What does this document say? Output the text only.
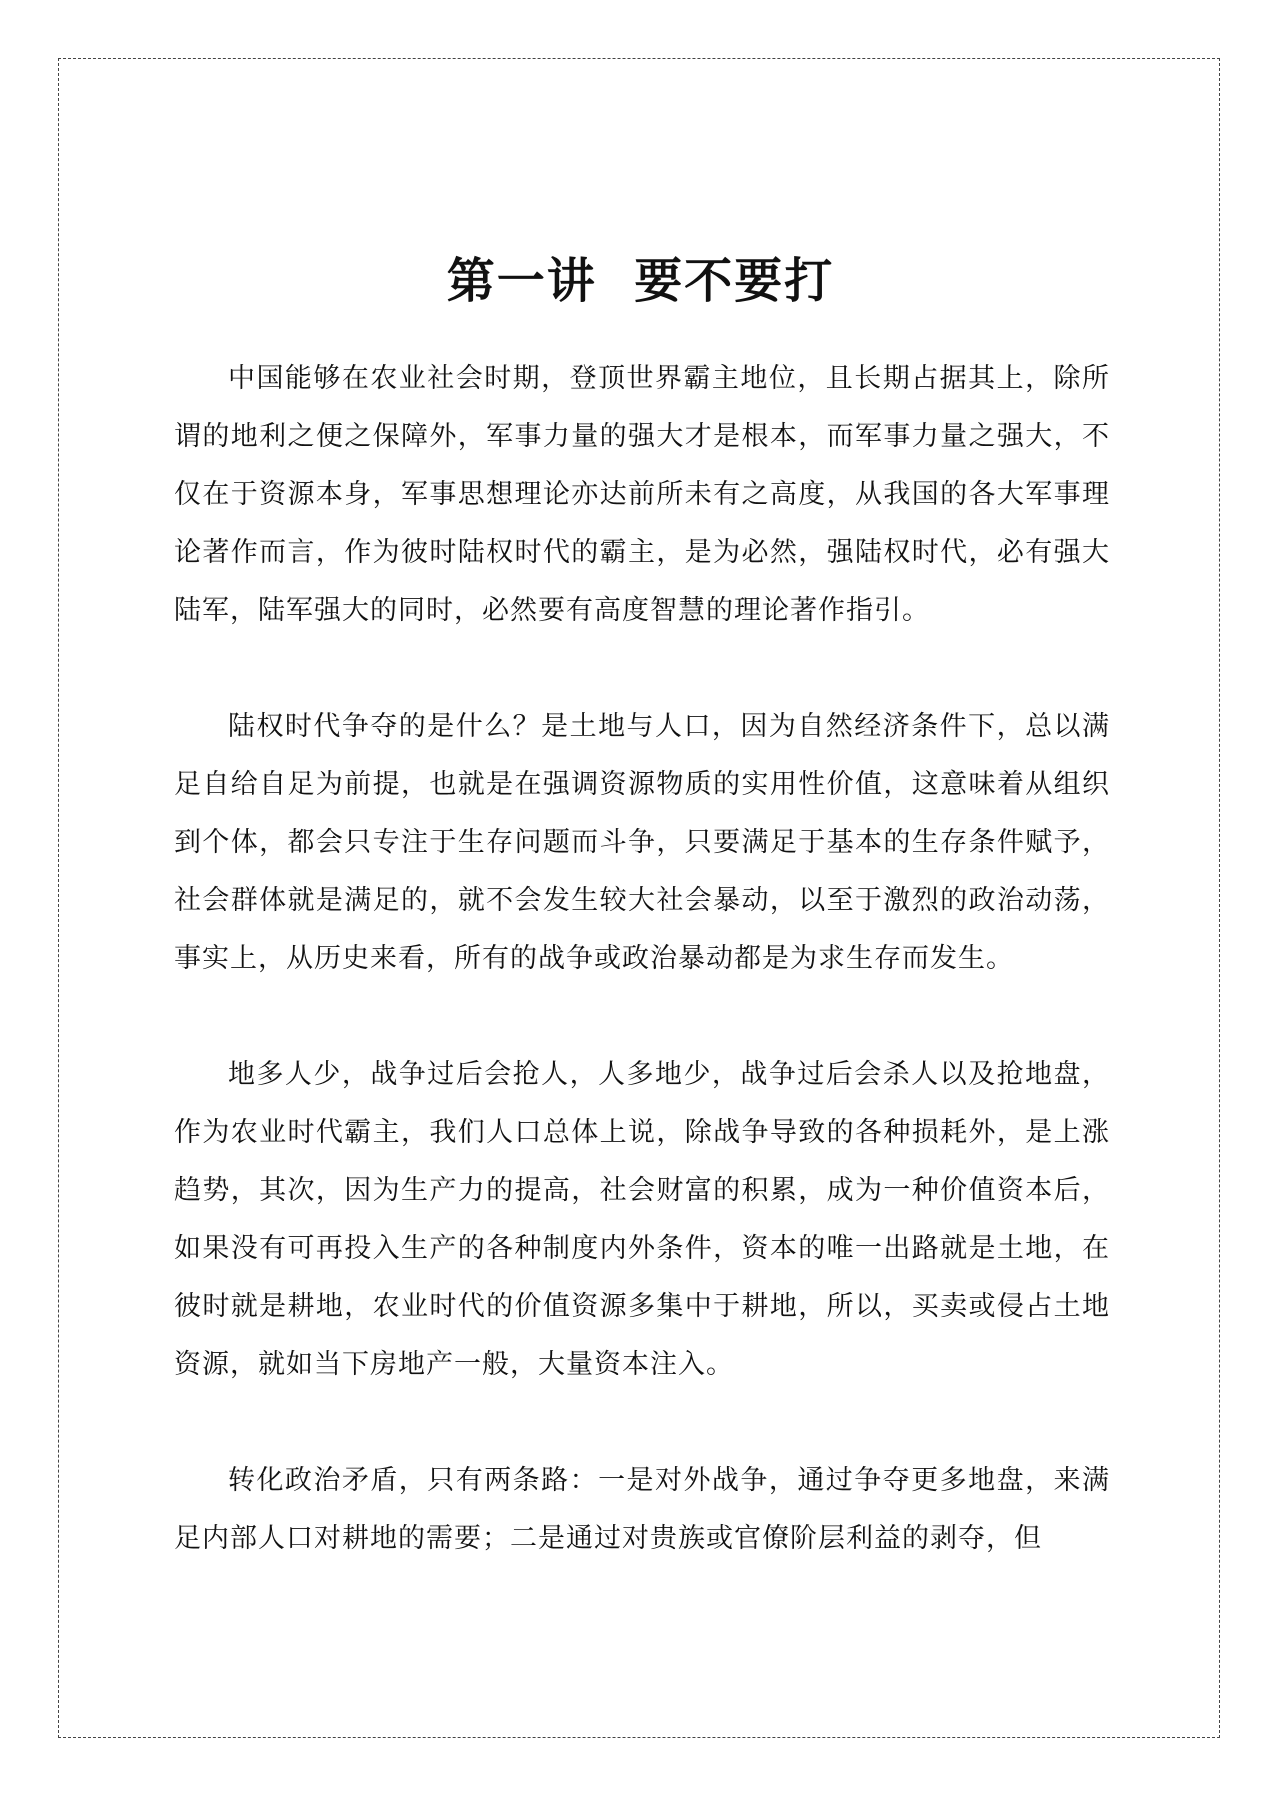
第一讲  要不要打

中国能够在农业社会时期，登顶世界霸主地位，且长期占据其上，除所谓的地利之便之保障外，军事力量的强大才是根本，而军事力量之强大，不仅在于资源本身，军事思想理论亦达前所未有之高度，从我国的各大军事理论著作而言，作为彼时陆权时代的霸主，是为必然，强陆权时代，必有强大陆军，陆军强大的同时，必然要有高度智慧的理论著作指引。

陆权时代争夺的是什么？是土地与人口，因为自然经济条件下，总以满足自给自足为前提，也就是在强调资源物质的实用性价值，这意味着从组织到个体，都会只专注于生存问题而斗争，只要满足于基本的生存条件赋予，社会群体就是满足的，就不会发生较大社会暴动，以至于激烈的政治动荡，事实上，从历史来看，所有的战争或政治暴动都是为求生存而发生。

地多人少，战争过后会抢人，人多地少，战争过后会杀人以及抢地盘，作为农业时代霸主，我们人口总体上说，除战争导致的各种损耗外，是上涨趋势，其次，因为生产力的提高，社会财富的积累，成为一种价值资本后，如果没有可再投入生产的各种制度内外条件，资本的唯一出路就是土地，在彼时就是耕地，农业时代的价值资源多集中于耕地，所以，买卖或侵占土地资源，就如当下房地产一般，大量资本注入。

转化政治矛盾，只有两条路：一是对外战争，通过争夺更多地盘，来满足内部人口对耕地的需要；二是通过对贵族或官僚阶层利益的剥夺，但
